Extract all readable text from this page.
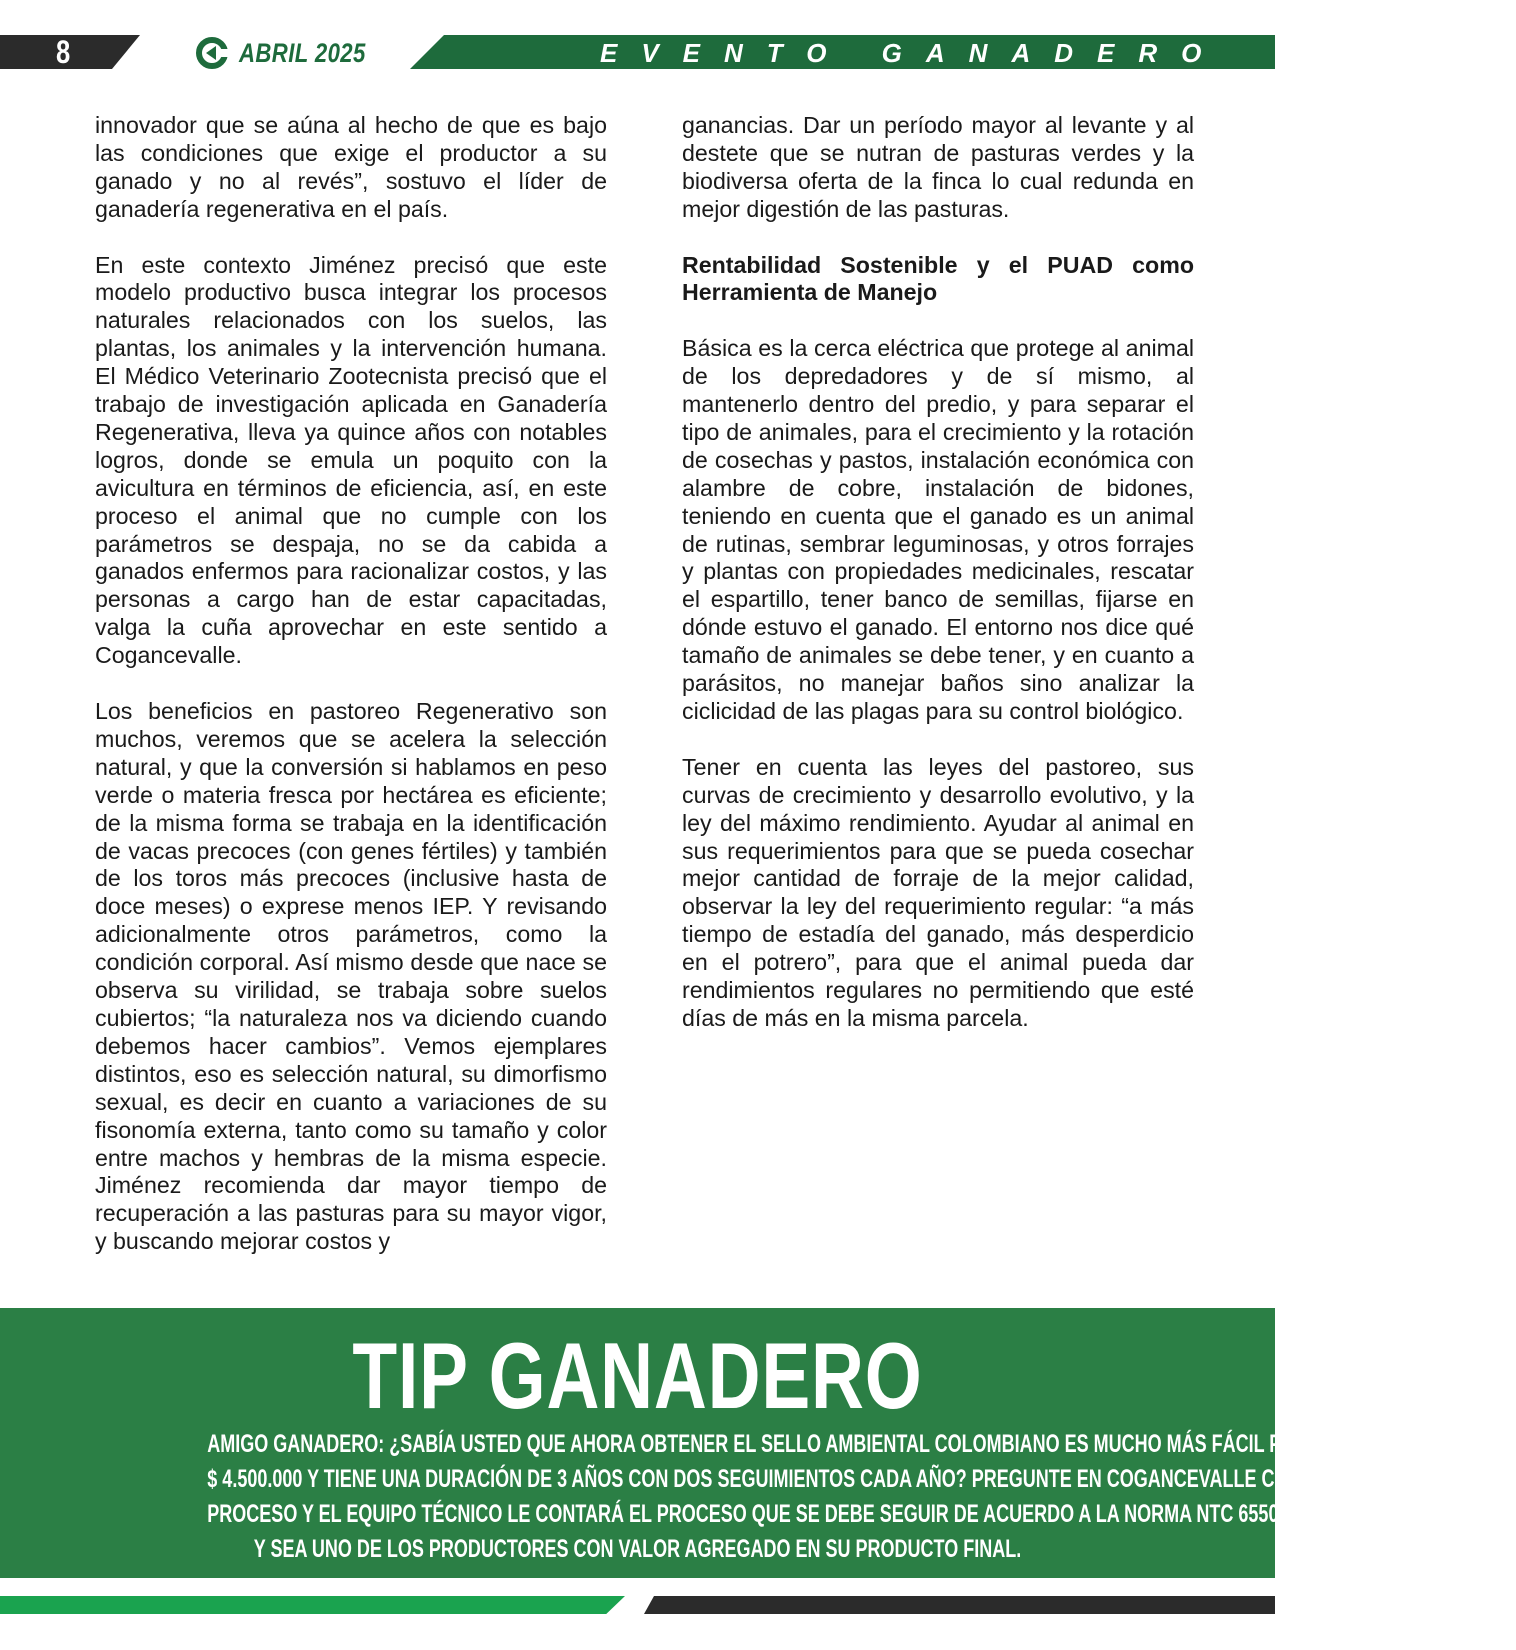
8	ABRIL 2025	EVENTO GANADERO

innovador que se aúna al hecho de que es bajo las condiciones que exige el productor a su ganado y no al revés”, sostuvo el líder de ganadería regenerativa en el país.

En este contexto Jiménez precisó que este modelo productivo busca integrar los procesos naturales relacionados con los suelos, las plantas, los animales y la intervención humana. El Médico Veterinario Zootecnista precisó que el trabajo de investigación aplicada en Ganadería Regenerativa, lleva ya quince años con notables logros, donde se emula un poquito con la avicultura en términos de eficiencia, así, en este proceso el animal que no cumple con los parámetros se despaja, no se da cabida a ganados enfermos para racionalizar costos, y las personas a cargo han de estar capacitadas, valga la cuña aprovechar en este sentido a Cogancevalle.

Los beneficios en pastoreo Regenerativo son muchos, veremos que se acelera la selección natural, y que la conversión si hablamos en peso verde o materia fresca por hectárea es eficiente; de la misma forma se trabaja en la identificación de vacas precoces (con genes fértiles) y también de los toros más precoces (inclusive hasta de doce meses) o exprese menos IEP. Y revisando adicionalmente otros parámetros, como la condición corporal. Así mismo desde que nace se observa su virilidad, se trabaja sobre suelos cubiertos; “la naturaleza nos va diciendo cuando debemos hacer cambios”. Vemos ejemplares distintos, eso es selección natural, su dimorfismo sexual, es decir en cuanto a variaciones de su fisonomía externa, tanto como su tamaño y color entre machos y hembras de la misma especie. Jiménez recomienda dar mayor tiempo de recuperación a las pasturas para su mayor vigor, y buscando mejorar costos y

ganancias. Dar un período mayor al levante y al destete que se nutran de pasturas verdes y la biodiversa oferta de la finca lo cual redunda en mejor digestión de las pasturas.

Rentabilidad Sostenible y el PUAD como Herramienta de Manejo

Básica es la cerca eléctrica que protege al animal de los depredadores y de sí mismo, al mantenerlo dentro del predio, y para separar el tipo de animales, para el crecimiento y la rotación de cosechas y pastos, instalación económica con alambre de cobre, instalación de bidones, teniendo en cuenta que el ganado es un animal de rutinas, sembrar leguminosas, y otros forrajes y plantas con propiedades medicinales, rescatar el espartillo, tener banco de semillas, fijarse en dónde estuvo el ganado. El entorno nos dice qué tamaño de animales se debe tener, y en cuanto a parásitos, no manejar baños sino analizar la ciclicidad de las plagas para su control biológico.

Tener en cuenta las leyes del pastoreo, sus curvas de crecimiento y desarrollo evolutivo, y la ley del máximo rendimiento. Ayudar al animal en sus requerimientos para que se pueda cosechar mejor cantidad de forraje de la mejor calidad, observar la ley del requerimiento regular: “a más tiempo de estadía del ganado, más desperdicio en el potrero”, para que el animal pueda dar rendimientos regulares no permitiendo que esté días de más en la misma parcela.

TIP GANADERO
AMIGO GANADERO: ¿SABÍA USTED QUE AHORA OBTENER EL SELLO AMBIENTAL COLOMBIANO ES MUCHO MÁS FÁCIL PORQUE SU VALOR BAJO A
$ 4.500.000 Y TIENE UNA DURACIÓN DE 3 AÑOS CON DOS SEGUIMIENTOS CADA AÑO? PREGUNTE EN COGANCEVALLE CÓMO INICIAR EL
PROCESO Y EL EQUIPO TÉCNICO LE CONTARÁ EL PROCESO QUE SE DEBE SEGUIR DE ACUERDO A LA NORMA NTC 6550:2021
Y SEA UNO DE LOS PRODUCTORES CON VALOR AGREGADO EN SU PRODUCTO FINAL.
